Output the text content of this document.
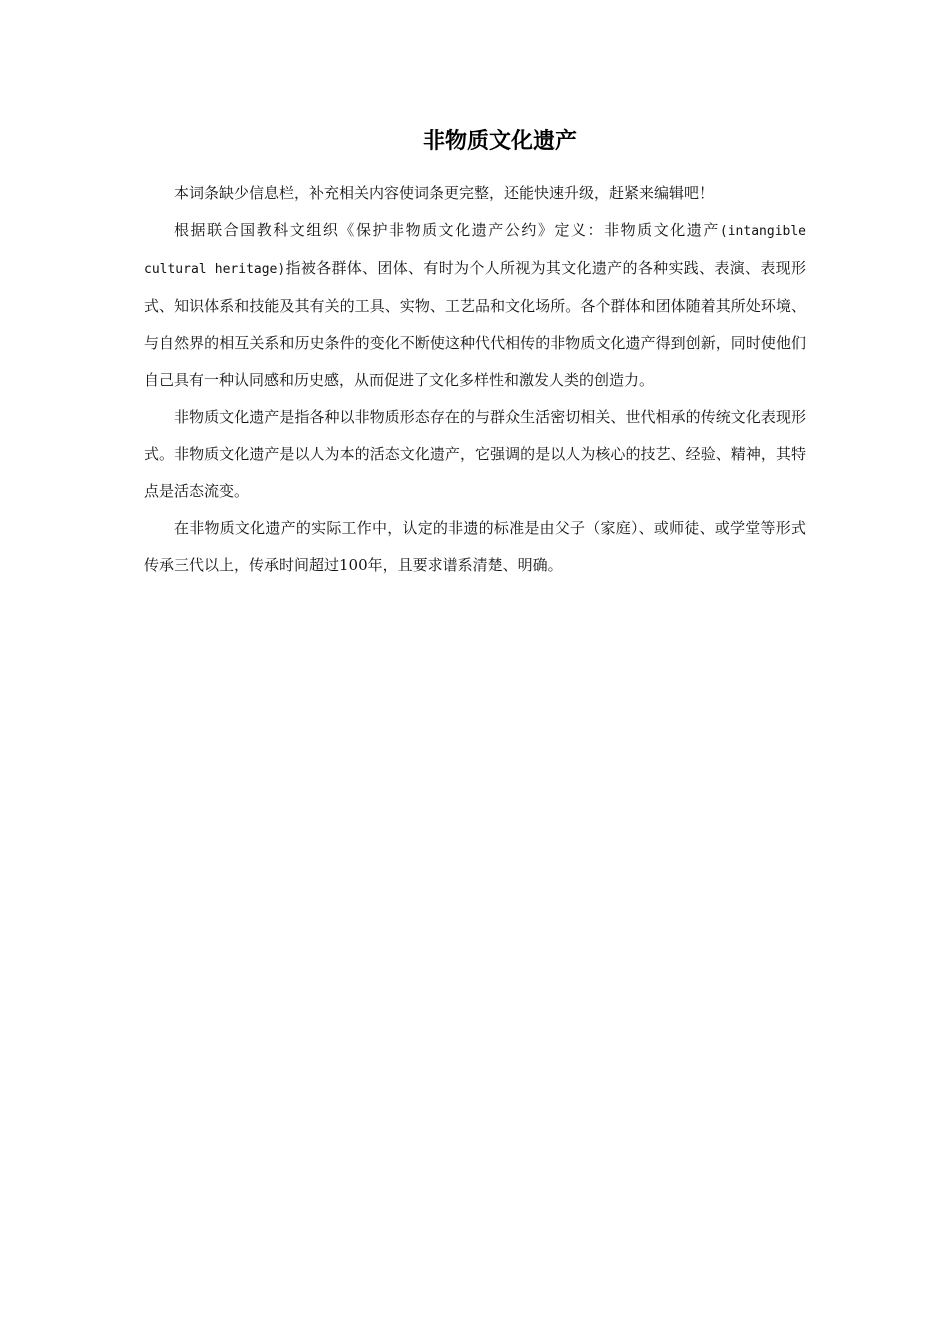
非物质文化遗产

本词条缺少信息栏，补充相关内容使词条更完整，还能快速升级，赶紧来编辑吧！

根据联合国教科文组织《保护非物质文化遗产公约》定义：非物质文化遗产(intangible cultural heritage)指被各群体、团体、有时为个人所视为其文化遗产的各种实践、表演、表现形式、知识体系和技能及其有关的工具、实物、工艺品和文化场所。各个群体和团体随着其所处环境、与自然界的相互关系和历史条件的变化不断使这种代代相传的非物质文化遗产得到创新，同时使他们自己具有一种认同感和历史感，从而促进了文化多样性和激发人类的创造力。

非物质文化遗产是指各种以非物质形态存在的与群众生活密切相关、世代相承的传统文化表现形式。非物质文化遗产是以人为本的活态文化遗产，它强调的是以人为核心的技艺、经验、精神，其特点是活态流变。

在非物质文化遗产的实际工作中，认定的非遗的标准是由父子（家庭）、或师徒、或学堂等形式传承三代以上，传承时间超过100年，且要求谱系清楚、明确。
